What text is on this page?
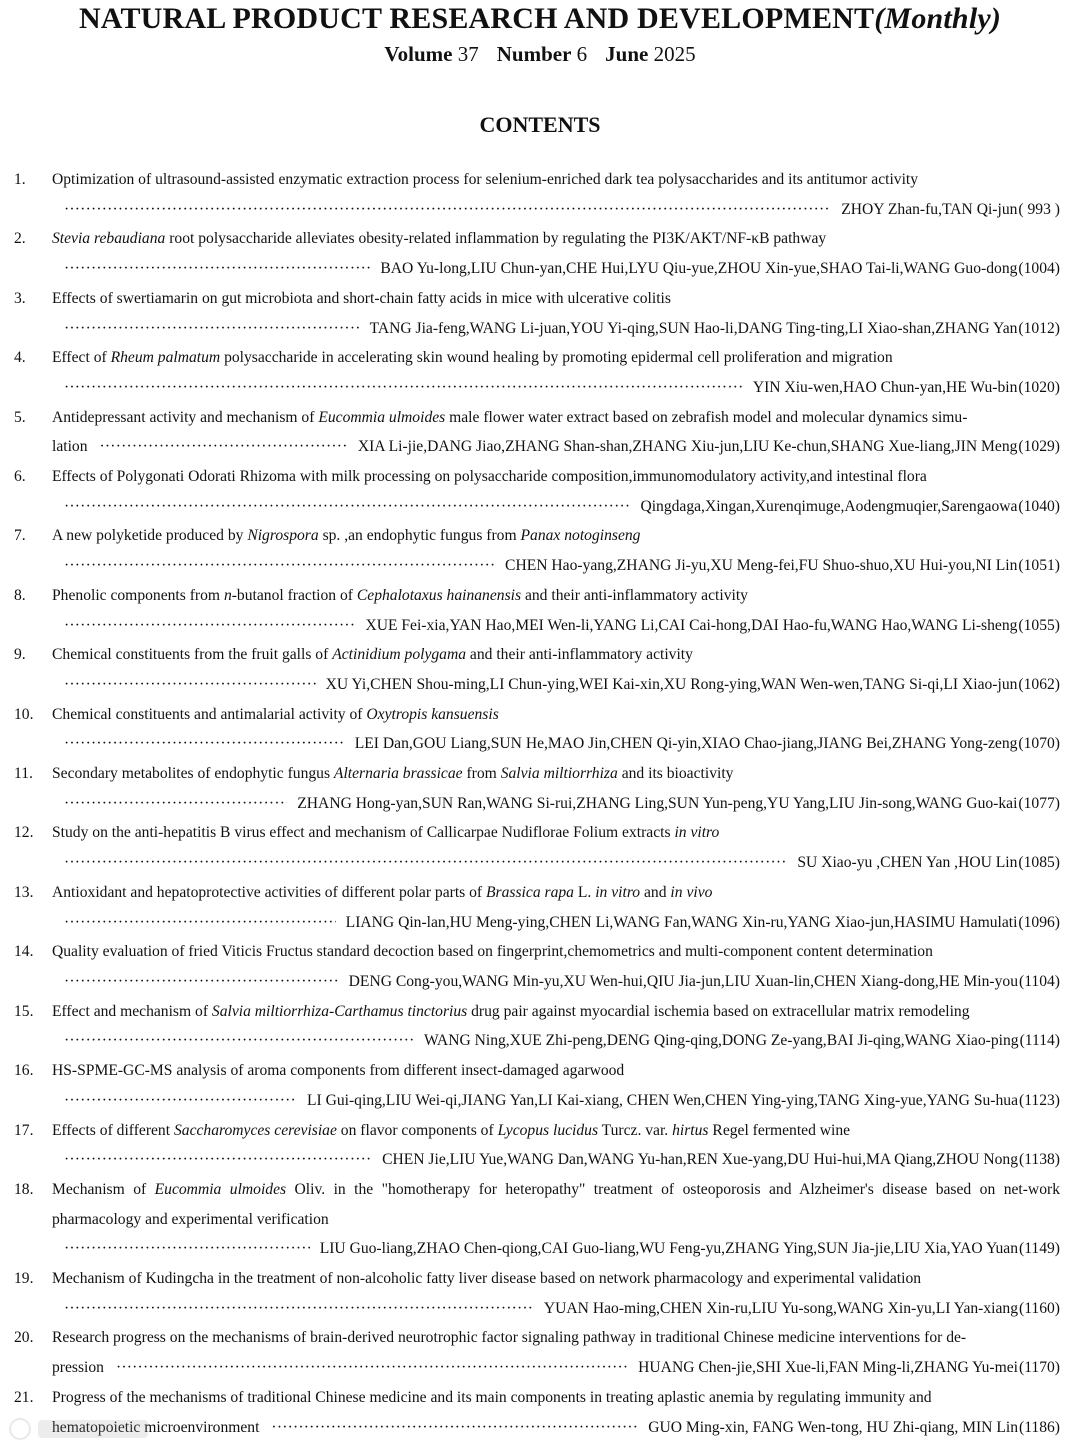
NATURAL PRODUCT RESEARCH AND DEVELOPMENT(Monthly)
Volume 37 Number 6 June 2025
CONTENTS
1. Optimization of ultrasound-assisted enzymatic extraction process for selenium-enriched dark tea polysaccharides and its antitumor activity
·····
ZHOY Zhan-fu,TAN Qi-jun ( 993 )
2. Stevia rebaudiana root polysaccharide alleviates obesity-related inflammation by regulating the PI3K/AKT/NF-κB pathway
·····
BAO Yu-long,LIU Chun-yan,CHE Hui,LYU Qiu-yue,ZHOU Xin-yue,SHAO Tai-li,WANG Guo-dong (1004)
3. Effects of swertiamarin on gut microbiota and short-chain fatty acids in mice with ulcerative colitis
·····
TANG Jia-feng,WANG Li-juan,YOU Yi-qing,SUN Hao-li,DANG Ting-ting,LI Xiao-shan,ZHANG Yan (1012)
4. Effect of Rheum palmatum polysaccharide in accelerating skin wound healing by promoting epidermal cell proliferation and migration
·····
YIN Xiu-wen,HAO Chun-yan,HE Wu-bin (1020)
5. Antidepressant activity and mechanism of Eucommia ulmoides male flower water extract based on zebrafish model and molecular dynamics simu-
lation ·····	XIA Li-jie,DANG Jiao,ZHANG Shan-shan,ZHANG Xiu-jun,LIU Ke-chun,SHANG Xue-liang,JIN Meng (1029)
6. Effects of Polygonati Odorati Rhizoma with milk processing on polysaccharide composition,immunomodulatory activity,and intestinal flora
·····
Qingdaga,Xingan,Xurenqimuge,Aodengmuqier,Sarengaowa (1040)
7. A new polyketide produced by Nigrospora sp. ,an endophytic fungus from Panax notoginseng
·····
CHEN Hao-yang,ZHANG Ji-yu,XU Meng-fei,FU Shuo-shuo,XU Hui-you,NI Lin (1051)
8. Phenolic components from n-butanol fraction of Cephalotaxus hainanensis and their anti-inflammatory activity
·····
XUE Fei-xia,YAN Hao,MEI Wen-li,YANG Li,CAI Cai-hong,DAI Hao-fu,WANG Hao,WANG Li-sheng (1055)
9. Chemical constituents from the fruit galls of Actinidium polygama and their anti-inflammatory activity
·····
XU Yi,CHEN Shou-ming,LI Chun-ying,WEI Kai-xin,XU Rong-ying,WAN Wen-wen,TANG Si-qi,LI Xiao-jun (1062)
10. Chemical constituents and antimalarial activity of Oxytropis kansuensis
·····
LEI Dan,GOU Liang,SUN He,MAO Jin,CHEN Qi-yin,XIAO Chao-jiang,JIANG Bei,ZHANG Yong-zeng (1070)
11. Secondary metabolites of endophytic fungus Alternaria brassicae from Salvia miltiorrhiza and its bioactivity
·····
ZHANG Hong-yan,SUN Ran,WANG Si-rui,ZHANG Ling,SUN Yun-peng,YU Yang,LIU Jin-song,WANG Guo-kai (1077)
12. Study on the anti-hepatitis B virus effect and mechanism of Callicarpae Nudiflorae Folium extracts in vitro
·····
SU Xiao-yu ,CHEN Yan ,HOU Lin (1085)
13. Antioxidant and hepatoprotective activities of different polar parts of Brassica rapa L. in vitro and in vivo
·····
LIANG Qin-lan,HU Meng-ying,CHEN Li,WANG Fan,WANG Xin-ru,YANG Xiao-jun,HASIMU Hamulati (1096)
14. Quality evaluation of fried Viticis Fructus standard decoction based on fingerprint,chemometrics and multi-component content determination
·····
DENG Cong-you,WANG Min-yu,XU Wen-hui,QIU Jia-jun,LIU Xuan-lin,CHEN Xiang-dong,HE Min-you (1104)
15. Effect and mechanism of Salvia miltiorrhiza-Carthamus tinctorius drug pair against myocardial ischemia based on extracellular matrix remodeling
·····
WANG Ning,XUE Zhi-peng,DENG Qing-qing,DONG Ze-yang,BAI Ji-qing,WANG Xiao-ping (1114)
16. HS-SPME-GC-MS analysis of aroma components from different insect-damaged agarwood
·····
LI Gui-qing,LIU Wei-qi,JIANG Yan,LI Kai-xiang, CHEN Wen,CHEN Ying-ying,TANG Xing-yue,YANG Su-hua (1123)
17. Effects of different Saccharomyces cerevisiae on flavor components of Lycopus lucidus Turcz. var. hirtus Regel fermented wine
·····
CHEN Jie,LIU Yue,WANG Dan,WANG Yu-han,REN Xue-yang,DU Hui-hui,MA Qiang,ZHOU Nong (1138)
18. Mechanism of Eucommia ulmoides Oliv. in the "homotherapy for heteropathy" treatment of osteoporosis and Alzheimer's disease based on net-work pharmacology and experimental verification
·····
LIU Guo-liang,ZHAO Chen-qiong,CAI Guo-liang,WU Feng-yu,ZHANG Ying,SUN Jia-jie,LIU Xia,YAO Yuan (1149)
19. Mechanism of Kudingcha in the treatment of non-alcoholic fatty liver disease based on network pharmacology and experimental validation
·····
YUAN Hao-ming,CHEN Xin-ru,LIU Yu-song,WANG Xin-yu,LI Yan-xiang (1160)
20. Research progress on the mechanisms of brain-derived neurotrophic factor signaling pathway in traditional Chinese medicine interventions for de-
pression ·····	HUANG Chen-jie,SHI Xue-li,FAN Ming-li,ZHANG Yu-mei (1170)
21. Progress of the mechanisms of traditional Chinese medicine and its main components in treating aplastic anemia by regulating immunity and
hematopoietic microenvironment ·····	GUO Ming-xin, FANG Wen-tong, HU Zhi-qiang, MIN Lin (1186)
